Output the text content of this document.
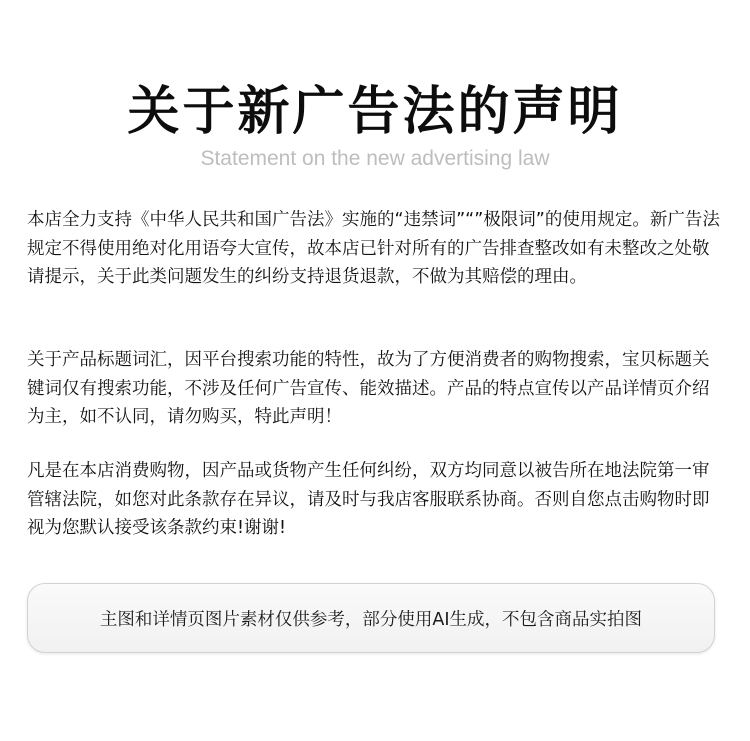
关于新广告法的声明
Statement on the new advertising law

本店全力支持《中华人民共和国广告法》实施的“违禁词”“”极限词”的使用规定。新广告法规定不得使用绝对化用语夸大宣传，故本店已针对所有的广告排查整改如有未整改之处敬请提示，关于此类问题发生的纠纷支持退货退款，不做为其赔偿的理由。

关于产品标题词汇，因平台搜索功能的特性，故为了方便消费者的购物搜索，宝贝标题关键词仅有搜索功能，不涉及任何广告宣传、能效描述。产品的特点宣传以产品详情页介绍为主，如不认同，请勿购买，特此声明！

凡是在本店消费购物，因产品或货物产生任何纠纷，双方均同意以被告所在地法院第一审管辖法院，如您对此条款存在异议，请及时与我店客服联系协商。否则自您点击购物时即视为您默认接受该条款约束!谢谢!

主图和详情页图片素材仅供参考，部分使用AI生成，不包含商品实拍图
